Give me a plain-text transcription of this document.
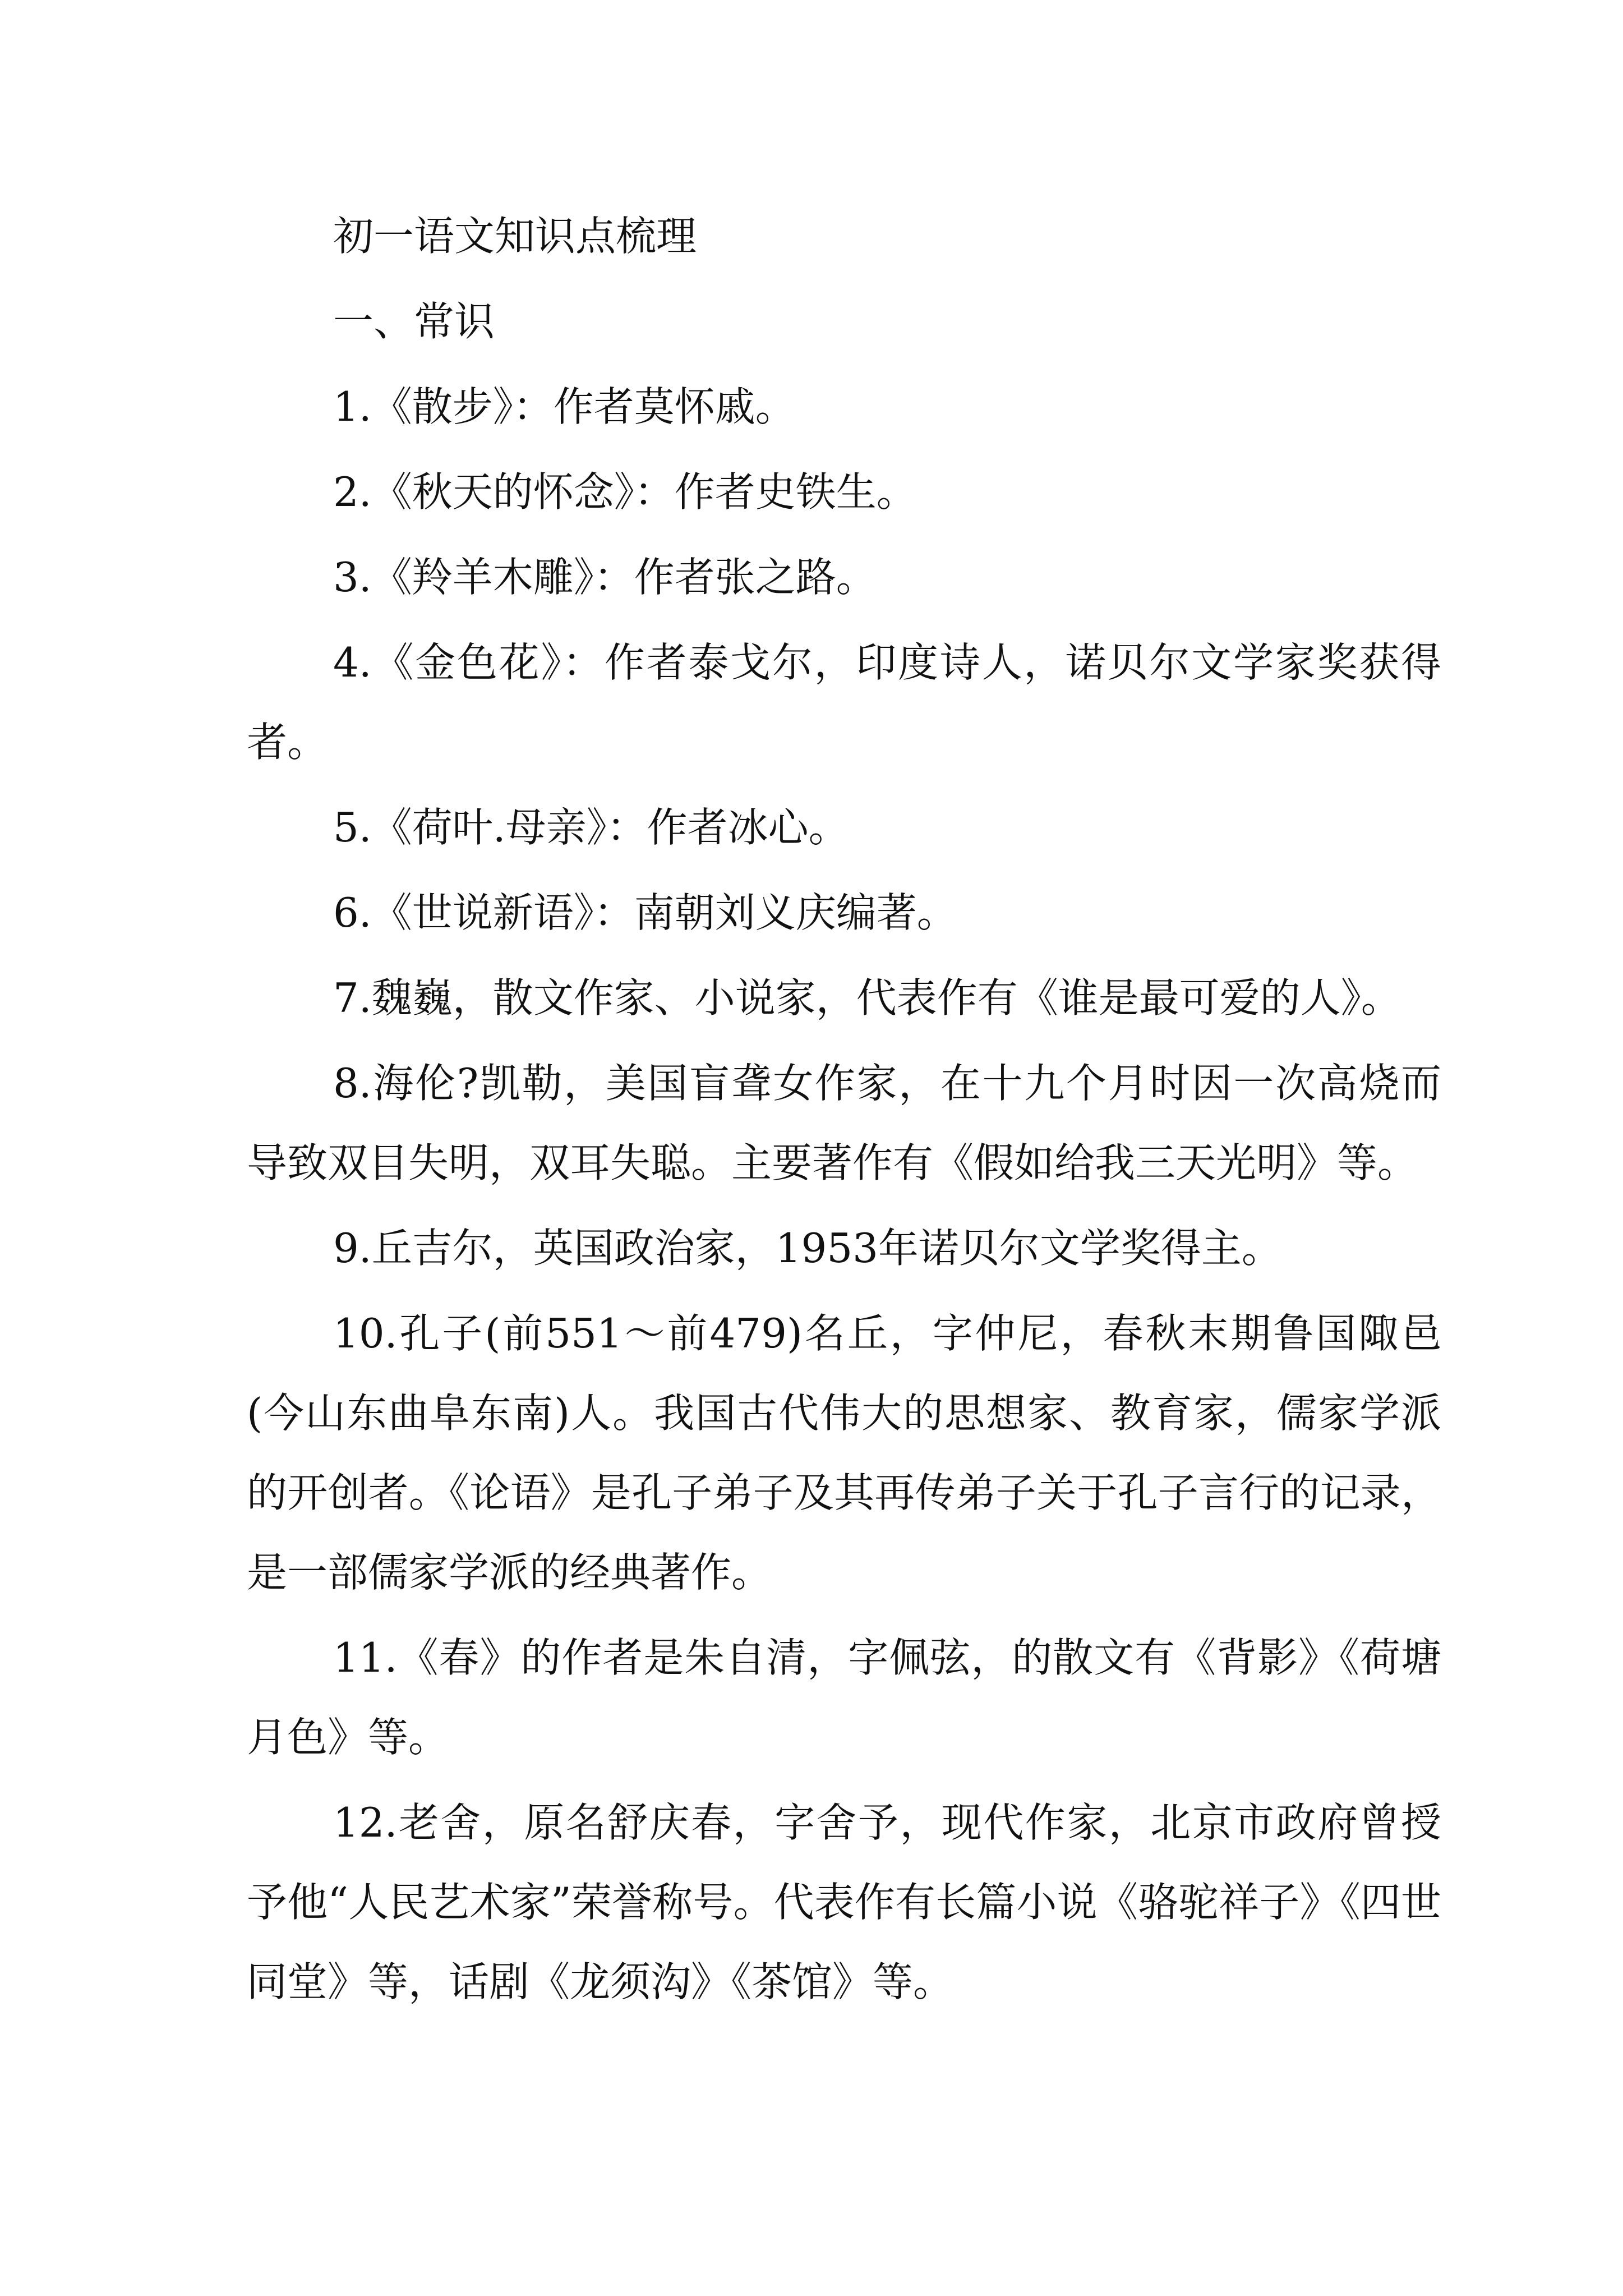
初一语文知识点梳理

一、常识

1.《散步》：作者莫怀戚。

2.《秋天的怀念》：作者史铁生。

3.《羚羊木雕》：作者张之路。

4.《金色花》：作者泰戈尔，印度诗人，诺贝尔文学家奖获得者。

5.《荷叶.母亲》：作者冰心。

6.《世说新语》：南朝刘义庆编著。

7.魏巍，散文作家、小说家，代表作有《谁是最可爱的人》。

8.海伦?凯勒，美国盲聋女作家，在十九个月时因一次高烧而导致双目失明，双耳失聪。主要著作有《假如给我三天光明》等。

9.丘吉尔，英国政治家，1953年诺贝尔文学奖得主。

10.孔子(前551～前479)名丘，字仲尼，春秋末期鲁国陬邑(今山东曲阜东南)人。我国古代伟大的思想家、教育家，儒家学派的开创者。《论语》是孔子弟子及其再传弟子关于孔子言行的记录，是一部儒家学派的经典著作。

11.《春》的作者是朱自清，字佩弦，的散文有《背影》《荷塘月色》等。

12.老舍，原名舒庆春，字舍予，现代作家，北京市政府曾授予他“人民艺术家”荣誉称号。代表作有长篇小说《骆驼祥子》《四世同堂》等，话剧《龙须沟》《茶馆》等。
